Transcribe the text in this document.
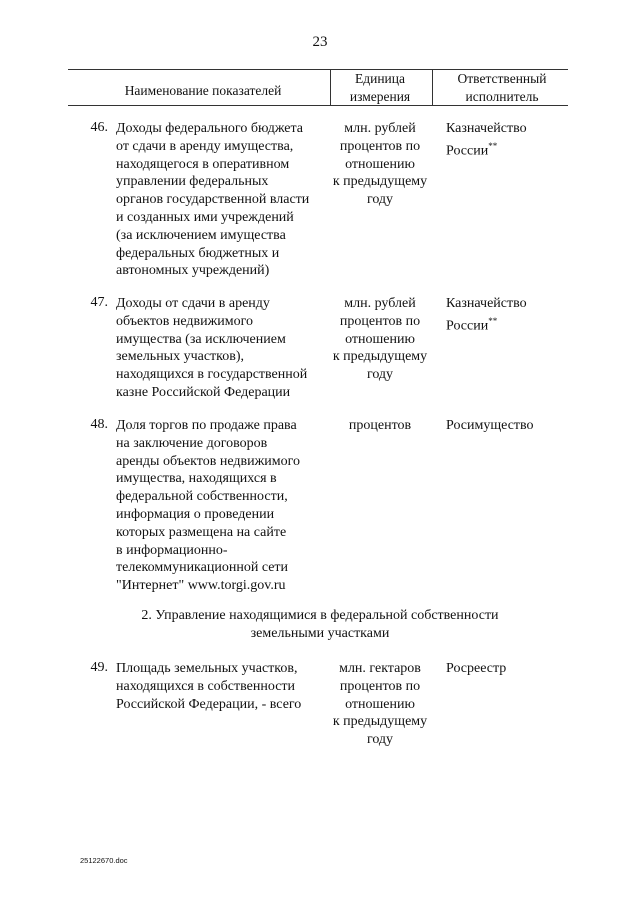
23
Наименование показателей
Единица
измерения
Ответственный
исполнитель
46. Доходы федерального бюджета
от сдачи в аренду имущества,
находящегося в оперативном
управлении федеральных
органов государственной власти
и созданных ими учреждений
(за исключением имущества
федеральных бюджетных и
автономных учреждений)
млн. рублей
процентов по
отношению
к предыдущему
году
Казначейство
России**
47. Доходы от сдачи в аренду
объектов недвижимого
имущества (за исключением
земельных участков),
находящихся в государственной
казне Российской Федерации
млн. рублей
процентов по
отношению
к предыдущему
году
Казначейство
России**
48. Доля торгов по продаже права
на заключение договоров
аренды объектов недвижимого
имущества, находящихся в
федеральной собственности,
информация о проведении
которых размещена на сайте
в информационно-
телекоммуникационной сети
"Интернет" www.torgi.gov.ru
процентов	Росимущество
2. Управление находящимися в федеральной собственности
земельными участками
49. Площадь земельных участков,
находящихся в собственности
Российской Федерации, - всего
млн. гектаров
процентов по
отношению
к предыдущему
году
Росреестр
25122670.doc
